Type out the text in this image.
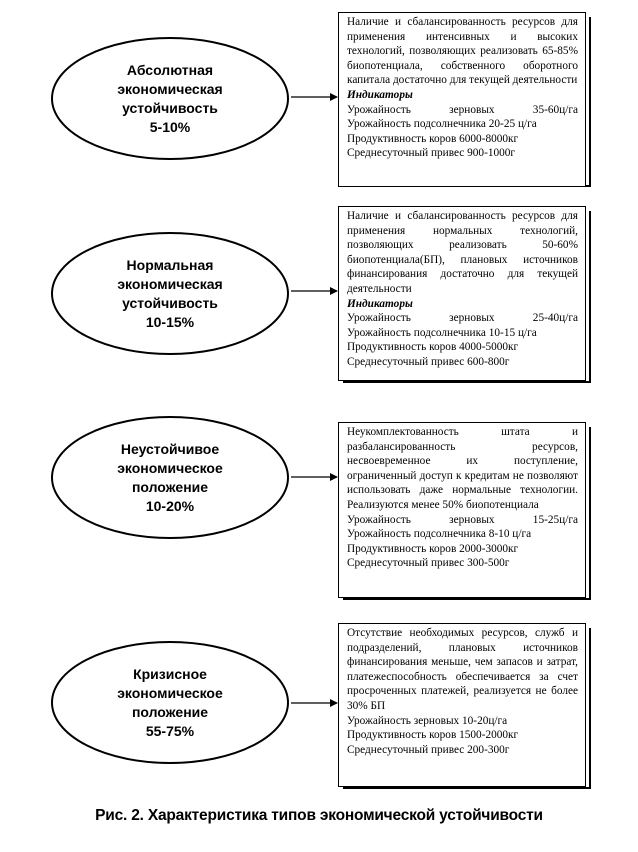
Абсолютная
экономическая
устойчивость
5-10%
Наличие и сбалансированность ресурсов для применения интенсивных и высоких технологий, позволяющих реализовать 65-85% биопотенциала, собственного оборотного капитала достаточно для текущей деятельности
Индикаторы
Урожайность зерновых 35-60ц/га
Урожайность подсолнечника 20-25 ц/га
Продуктивность коров 6000-8000кг
Среднесуточный привес 900-1000г
Нормальная
экономическая
устойчивость
10-15%
Наличие и сбалансированность ресурсов для применения нормальных технологий, позволяющих реализовать 50-60% биопотенциала(БП), плановых источников финансирования достаточно для текущей деятельности
Индикаторы
Урожайность зерновых 25-40ц/га
Урожайность подсолнечника 10-15 ц/га
Продуктивность коров 4000-5000кг
Среднесуточный привес 600-800г
Неустойчивое
экономическое
положение
10-20%
Неукомплектованность штата и разбалансированность ресурсов, несвоевременное их поступление, ограниченный доступ к кредитам не позволяют использовать даже нормальные технологии. Реализуются менее 50% биопотенциала
Урожайность зерновых 15-25ц/га
Урожайность подсолнечника 8-10 ц/га
Продуктивность коров 2000-3000кг
Среднесуточный привес 300-500г
Кризисное
экономическое
положение
55-75%
Отсутствие необходимых ресурсов, служб и подразделений, плановых источников финансирования меньше, чем запасов и затрат, платежеспособность обеспечивается за счет просроченных платежей, реализуется не более 30% БП
Урожайность зерновых 10-20ц/га
Продуктивность коров 1500-2000кг
Среднесуточный привес 200-300г
Рис. 2. Характеристика типов экономической устойчивости
